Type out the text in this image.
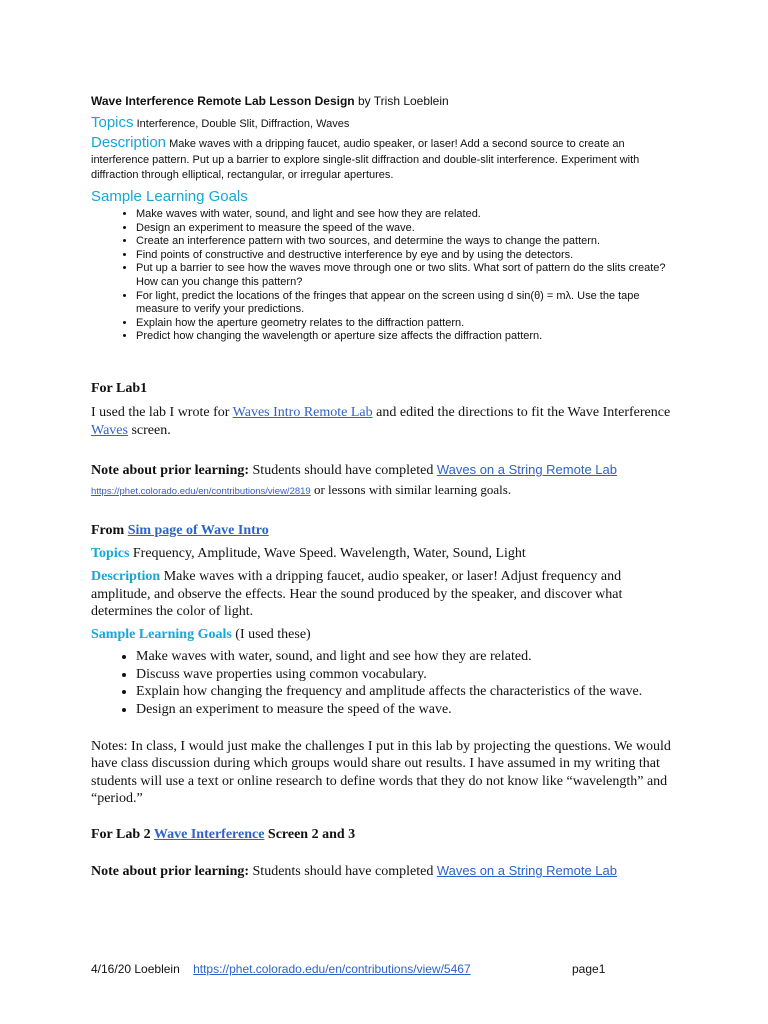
Wave Interference Remote Lab Lesson Design by Trish Loeblein
Topics Interference, Double Slit, Diffraction, Waves
Description Make waves with a dripping faucet, audio speaker, or laser! Add a second source to create an interference pattern. Put up a barrier to explore single-slit diffraction and double-slit interference. Experiment with diffraction through elliptical, rectangular, or irregular apertures.
Sample Learning Goals
• Make waves with water, sound, and light and see how they are related.
• Design an experiment to measure the speed of the wave.
• Create an interference pattern with two sources, and determine the ways to change the pattern.
• Find points of constructive and destructive interference by eye and by using the detectors.
• Put up a barrier to see how the waves move through one or two slits. What sort of pattern do the slits create? How can you change this pattern?
• For light, predict the locations of the fringes that appear on the screen using d sin(θ) = mλ. Use the tape measure to verify your predictions.
• Explain how the aperture geometry relates to the diffraction pattern.
• Predict how changing the wavelength or aperture size affects the diffraction pattern.
For Lab1
I used the lab I wrote for Waves Intro Remote Lab and edited the directions to fit the Wave Interference Waves screen.
Note about prior learning: Students should have completed Waves on a String Remote Lab
https://phet.colorado.edu/en/contributions/view/2819 or lessons with similar learning goals.
From Sim page of Wave Intro
Topics Frequency, Amplitude, Wave Speed. Wavelength, Water, Sound, Light
Description Make waves with a dripping faucet, audio speaker, or laser! Adjust frequency and amplitude, and observe the effects. Hear the sound produced by the speaker, and discover what determines the color of light.
Sample Learning Goals (I used these)
• Make waves with water, sound, and light and see how they are related.
• Discuss wave properties using common vocabulary.
• Explain how changing the frequency and amplitude affects the characteristics of the wave.
• Design an experiment to measure the speed of the wave.
Notes: In class, I would just make the challenges I put in this lab by projecting the questions. We would have class discussion during which groups would share out results. I have assumed in my writing that students will use a text or online research to define words that they do not know like “wavelength” and “period.”
For Lab 2 Wave Interference Screen 2 and 3
Note about prior learning: Students should have completed Waves on a String Remote Lab
4/16/20 Loeblein https://phet.colorado.edu/en/contributions/view/5467	page1
